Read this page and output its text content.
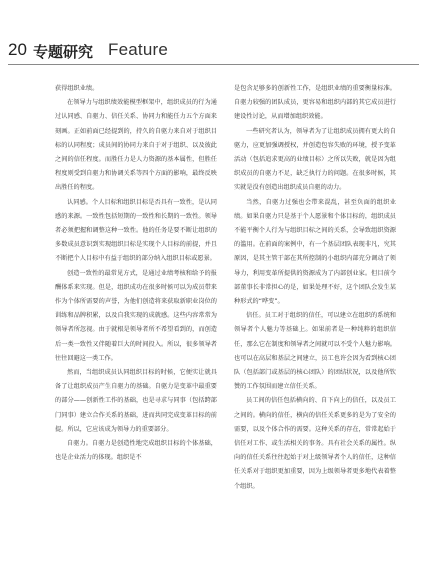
20 专题研究 Feature

获得组织业绩。

在领导力与组织绩效能模型框架中，组织成员的行为通过认同感、自驱力、信任关系、协同力和能任力五个方面来刻画。正如前面已经提到的，持久的自驱力来自对于组织目标的认同程度；成员间的协同力来自于对于组织、以及彼此之间的信任程度。而胜任力是人力资源的基本属性，但胜任程度则受到自驱力和协调关系等四个方面的影响，最终反映出胜任的程度。

认同感。个人目标和组织目标是否具有一致性，是认同感的来源。一致性包括短期的一致性和长期的一致性。领导者必须把握和调整这种一致性。他的任务是要不断让组织的多数成员意识到实现组织目标是实现个人目标的前提，并且不断把个人目标中有益于组织的部分纳入组织目标或愿景。

创造一致性的最常见方式，是通过业绩考核和给予的报酬体系来实现。但是，组织成功在很多时候可以为成员带来作为个体所需要的声誉，为他们创造将来获取新职业岗位的训练和品牌积累，以及自我实现的成就感。这些内容常常为领导者所忽视。由于就根是领导者所不希望看到的，而创造后一类一致性又伴随着巨大的时间投入。所以，很多领导者往往回避这一类工作。

然而，当组织成员认同组织目标的时候，它便实让就具备了让组织成员产生自驱力的基础。自驱力是变革中最重要的部分——创新性工作的基础，也是寻求与同事（包括跨部门同事）建立合作关系的基础，进而共同完成变革目标的前提。所以，它应该成为领导力的重要部分。

自驱力。自驱力是创造性地完成组织目标的个体基础，也是企业活力的体现。组织是不

是包含足够多的创新性工作，是组织业绩的重要衡量标准。自驱力较强的团队成员，更容易和组织内部的其它成员进行建设性讨论，从而增加组织效能。

一些研究者认为，领导者为了让组织成员拥有更大的自驱力，应更加强调授权，并创造包容失败的环境，授予变革活动（包括追求更高的业绩目标）之所以失败，就是因为组织成员的自驱力不足，缺乏执行力的问题。在很多时候，其实就是没有创造出组织成员自驱的动力。

当然，自驱力过强也会带来混乱，甚至负面的组织业绩。如果自驱力只是基于个人愿景和个体目标的，组织成员不能平衡个人行为与组织目标之间的关系，会导致组织资源的滥用。在前面的案例中，有一个基层团队表现非凡，究其原因，是其主管干部在其所控制的小组织内部充分调动了领导力，利用变革所提供的资源成为了内部创业家。但目前令部董事长非常担心的是，如果处理不好，这个团队会发生某种形式的“哗变”。

信任。员工对于组织的信任，可以建立在组织的系统和领导者个人魅力等基础上。如果前者是一种纯粹的组织信任，那么它在制度和领导者之间就可以不受个人魅力影响。也可以在高层和基层之间建立，员工也许会因为看到核心团队（包括部门或基层的核心团队）的团结状况，以及他所钦赞的工作氛围而建立信任关系。

员工间的信任包括横向的、自下向上的信任，以及员工之间的。横向的信任，横向的信任关系更多的是为了安全的需要，以及个体合作的需要。这种关系的存在，常常起始于信任对工作、或生活相关的事务。具有社会关系的属性。纵向的信任关系往往起始于对上级领导者个人的信任，这种信任关系对于组织更加重要，因为上级领导者更多地代表着整个组织。
